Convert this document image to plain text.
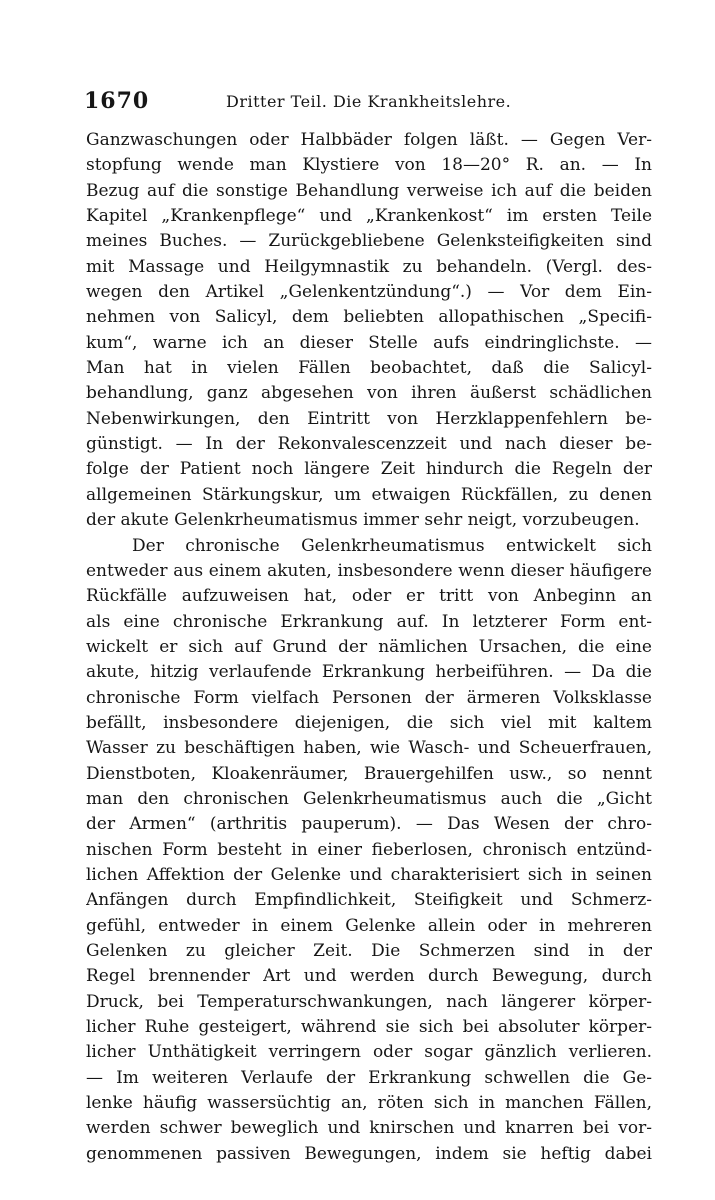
1670	Dritter Teil. Die Krankheitslehre.
Ganzwaschungen oder Halbbäder folgen läßt. — Gegen Ver-
stopfung wende man Klystiere von 18—20° R. an. — In
Bezug auf die sonstige Behandlung verweise ich auf die beiden
Kapitel „Krankenpflege“ und „Krankenkost“ im ersten Teile
meines Buches. — Zurückgebliebene Gelenksteifigkeiten sind
mit Massage und Heilgymnastik zu behandeln. (Vergl. des-
wegen den Artikel „Gelenkentzündung“.) — Vor dem Ein-
nehmen von Salicyl, dem beliebten allopathischen „Specifi-
kum“, warne ich an dieser Stelle aufs eindringlichste. —
Man hat in vielen Fällen beobachtet, daß die Salicyl-
behandlung, ganz abgesehen von ihren äußerst schädlichen
Nebenwirkungen, den Eintritt von Herzklappenfehlern be-
günstigt. — In der Rekonvalescenzzeit und nach dieser be-
folge der Patient noch längere Zeit hindurch die Regeln der
allgemeinen Stärkungskur, um etwaigen Rückfällen, zu denen
der akute Gelenkrheumatismus immer sehr neigt, vorzubeugen.
Der chronische Gelenkrheumatismus entwickelt sich
entweder aus einem akuten, insbesondere wenn dieser häufigere
Rückfälle aufzuweisen hat, oder er tritt von Anbeginn an
als eine chronische Erkrankung auf. In letzterer Form ent-
wickelt er sich auf Grund der nämlichen Ursachen, die eine
akute, hitzig verlaufende Erkrankung herbeiführen. — Da die
chronische Form vielfach Personen der ärmeren Volksklasse
befällt, insbesondere diejenigen, die sich viel mit kaltem
Wasser zu beschäftigen haben, wie Wasch- und Scheuerfrauen,
Dienstboten, Kloakenräumer, Brauergehilfen usw., so nennt
man den chronischen Gelenkrheumatismus auch die „Gicht
der Armen“ (arthritis pauperum). — Das Wesen der chro-
nischen Form besteht in einer fieberlosen, chronisch entzünd-
lichen Affektion der Gelenke und charakterisiert sich in seinen
Anfängen durch Empfindlichkeit, Steifigkeit und Schmerz-
gefühl, entweder in einem Gelenke allein oder in mehreren
Gelenken zu gleicher Zeit. Die Schmerzen sind in der
Regel brennender Art und werden durch Bewegung, durch
Druck, bei Temperaturschwankungen, nach längerer körper-
licher Ruhe gesteigert, während sie sich bei absoluter körper-
licher Unthätigkeit verringern oder sogar gänzlich verlieren.
— Im weiteren Verlaufe der Erkrankung schwellen die Ge-
lenke häufig wassersüchtig an, röten sich in manchen Fällen,
werden schwer beweglich und knirschen und knarren bei vor-
genommenen passiven Bewegungen, indem sie heftig dabei
